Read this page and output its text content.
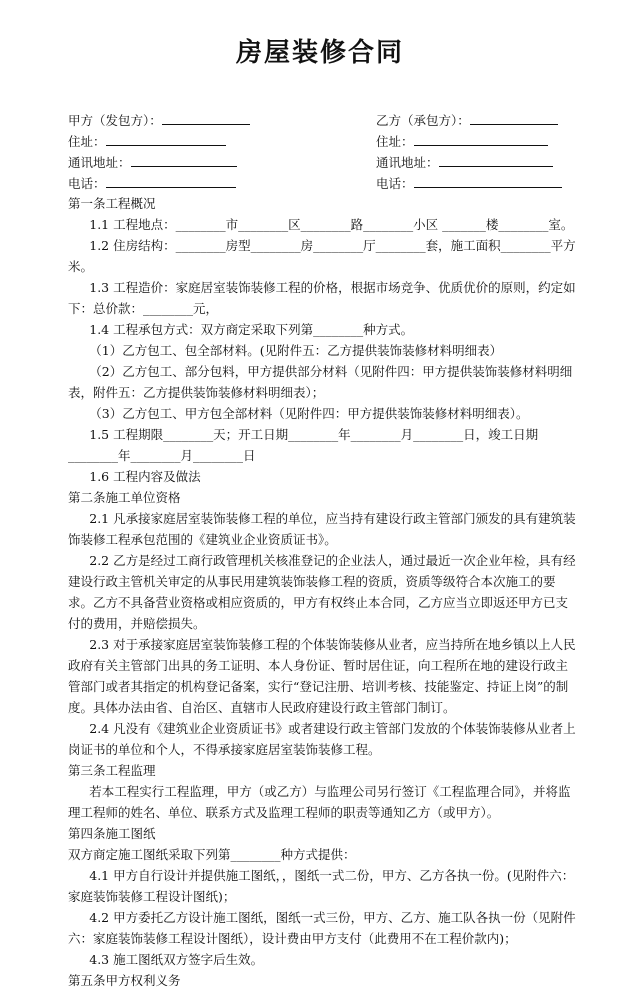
房屋装修合同
甲方（发包方）：
住址：
通讯地址：
电话：
乙方（承包方）：
住址：
通讯地址：
电话：

第一条工程概况

1.1 工程地点：________市________区________路________小区 _______楼________室。

1.2 住房结构：________房型________房________厅________套，施工面积________平方米。

1.3 工程造价：家庭居室装饰装修工程的价格，根据市场竞争、优质优价的原则，约定如下：总价款：________元，

1.4 工程承包方式：双方商定采取下列第________种方式。

（1）乙方包工、包全部材料。(见附件五：乙方提供装饰装修材料明细表）

（2）乙方包工、部分包料，甲方提供部分材料（见附件四：甲方提供装饰装修材料明细表，附件五：乙方提供装饰装修材料明细表）；

（3）乙方包工、甲方包全部材料（见附件四：甲方提供装饰装修材料明细表）。

1.5 工程期限________天；开工日期________年________月________日，竣工日期________年________月________日

1.6 工程内容及做法

第二条施工单位资格

2.1 凡承接家庭居室装饰装修工程的单位，应当持有建设行政主管部门颁发的具有建筑装饰装修工程承包范围的《建筑业企业资质证书》。

2.2 乙方是经过工商行政管理机关核准登记的企业法人，通过最近一次企业年检，具有经建设行政主管机关审定的从事民用建筑装饰装修工程的资质，资质等级符合本次施工的要求。乙方不具备营业资格或相应资质的，甲方有权终止本合同，乙方应当立即返还甲方已支付的费用，并赔偿损失。

2.3 对于承接家庭居室装饰装修工程的个体装饰装修从业者，应当持所在地乡镇以上人民政府有关主管部门出具的务工证明、本人身份证、暂时居住证，向工程所在地的建设行政主管部门或者其指定的机构登记备案，实行“登记注册、培训考核、技能鉴定、持证上岗”的制度。具体办法由省、自治区、直辖市人民政府建设行政主管部门制订。

2.4 凡没有《建筑业企业资质证书》或者建设行政主管部门发放的个体装饰装修从业者上岗证书的单位和个人，不得承接家庭居室装饰装修工程。

第三条工程监理

若本工程实行工程监理，甲方（或乙方）与监理公司另行签订《工程监理合同》，并将监理工程师的姓名、单位、联系方式及监理工程师的职责等通知乙方（或甲方）。

第四条施工图纸

双方商定施工图纸采取下列第________种方式提供：

4.1 甲方自行设计并提供施工图纸，，图纸一式二份，甲方、乙方各执一份。(见附件六：家庭装饰装修工程设计图纸)；

4.2 甲方委托乙方设计施工图纸，图纸一式三份，甲方、乙方、施工队各执一份（见附件六：家庭装饰装修工程设计图纸），设计费由甲方支付（此费用不在工程价款内)；

4.3 施工图纸双方签字后生效。

第五条甲方权利义务
